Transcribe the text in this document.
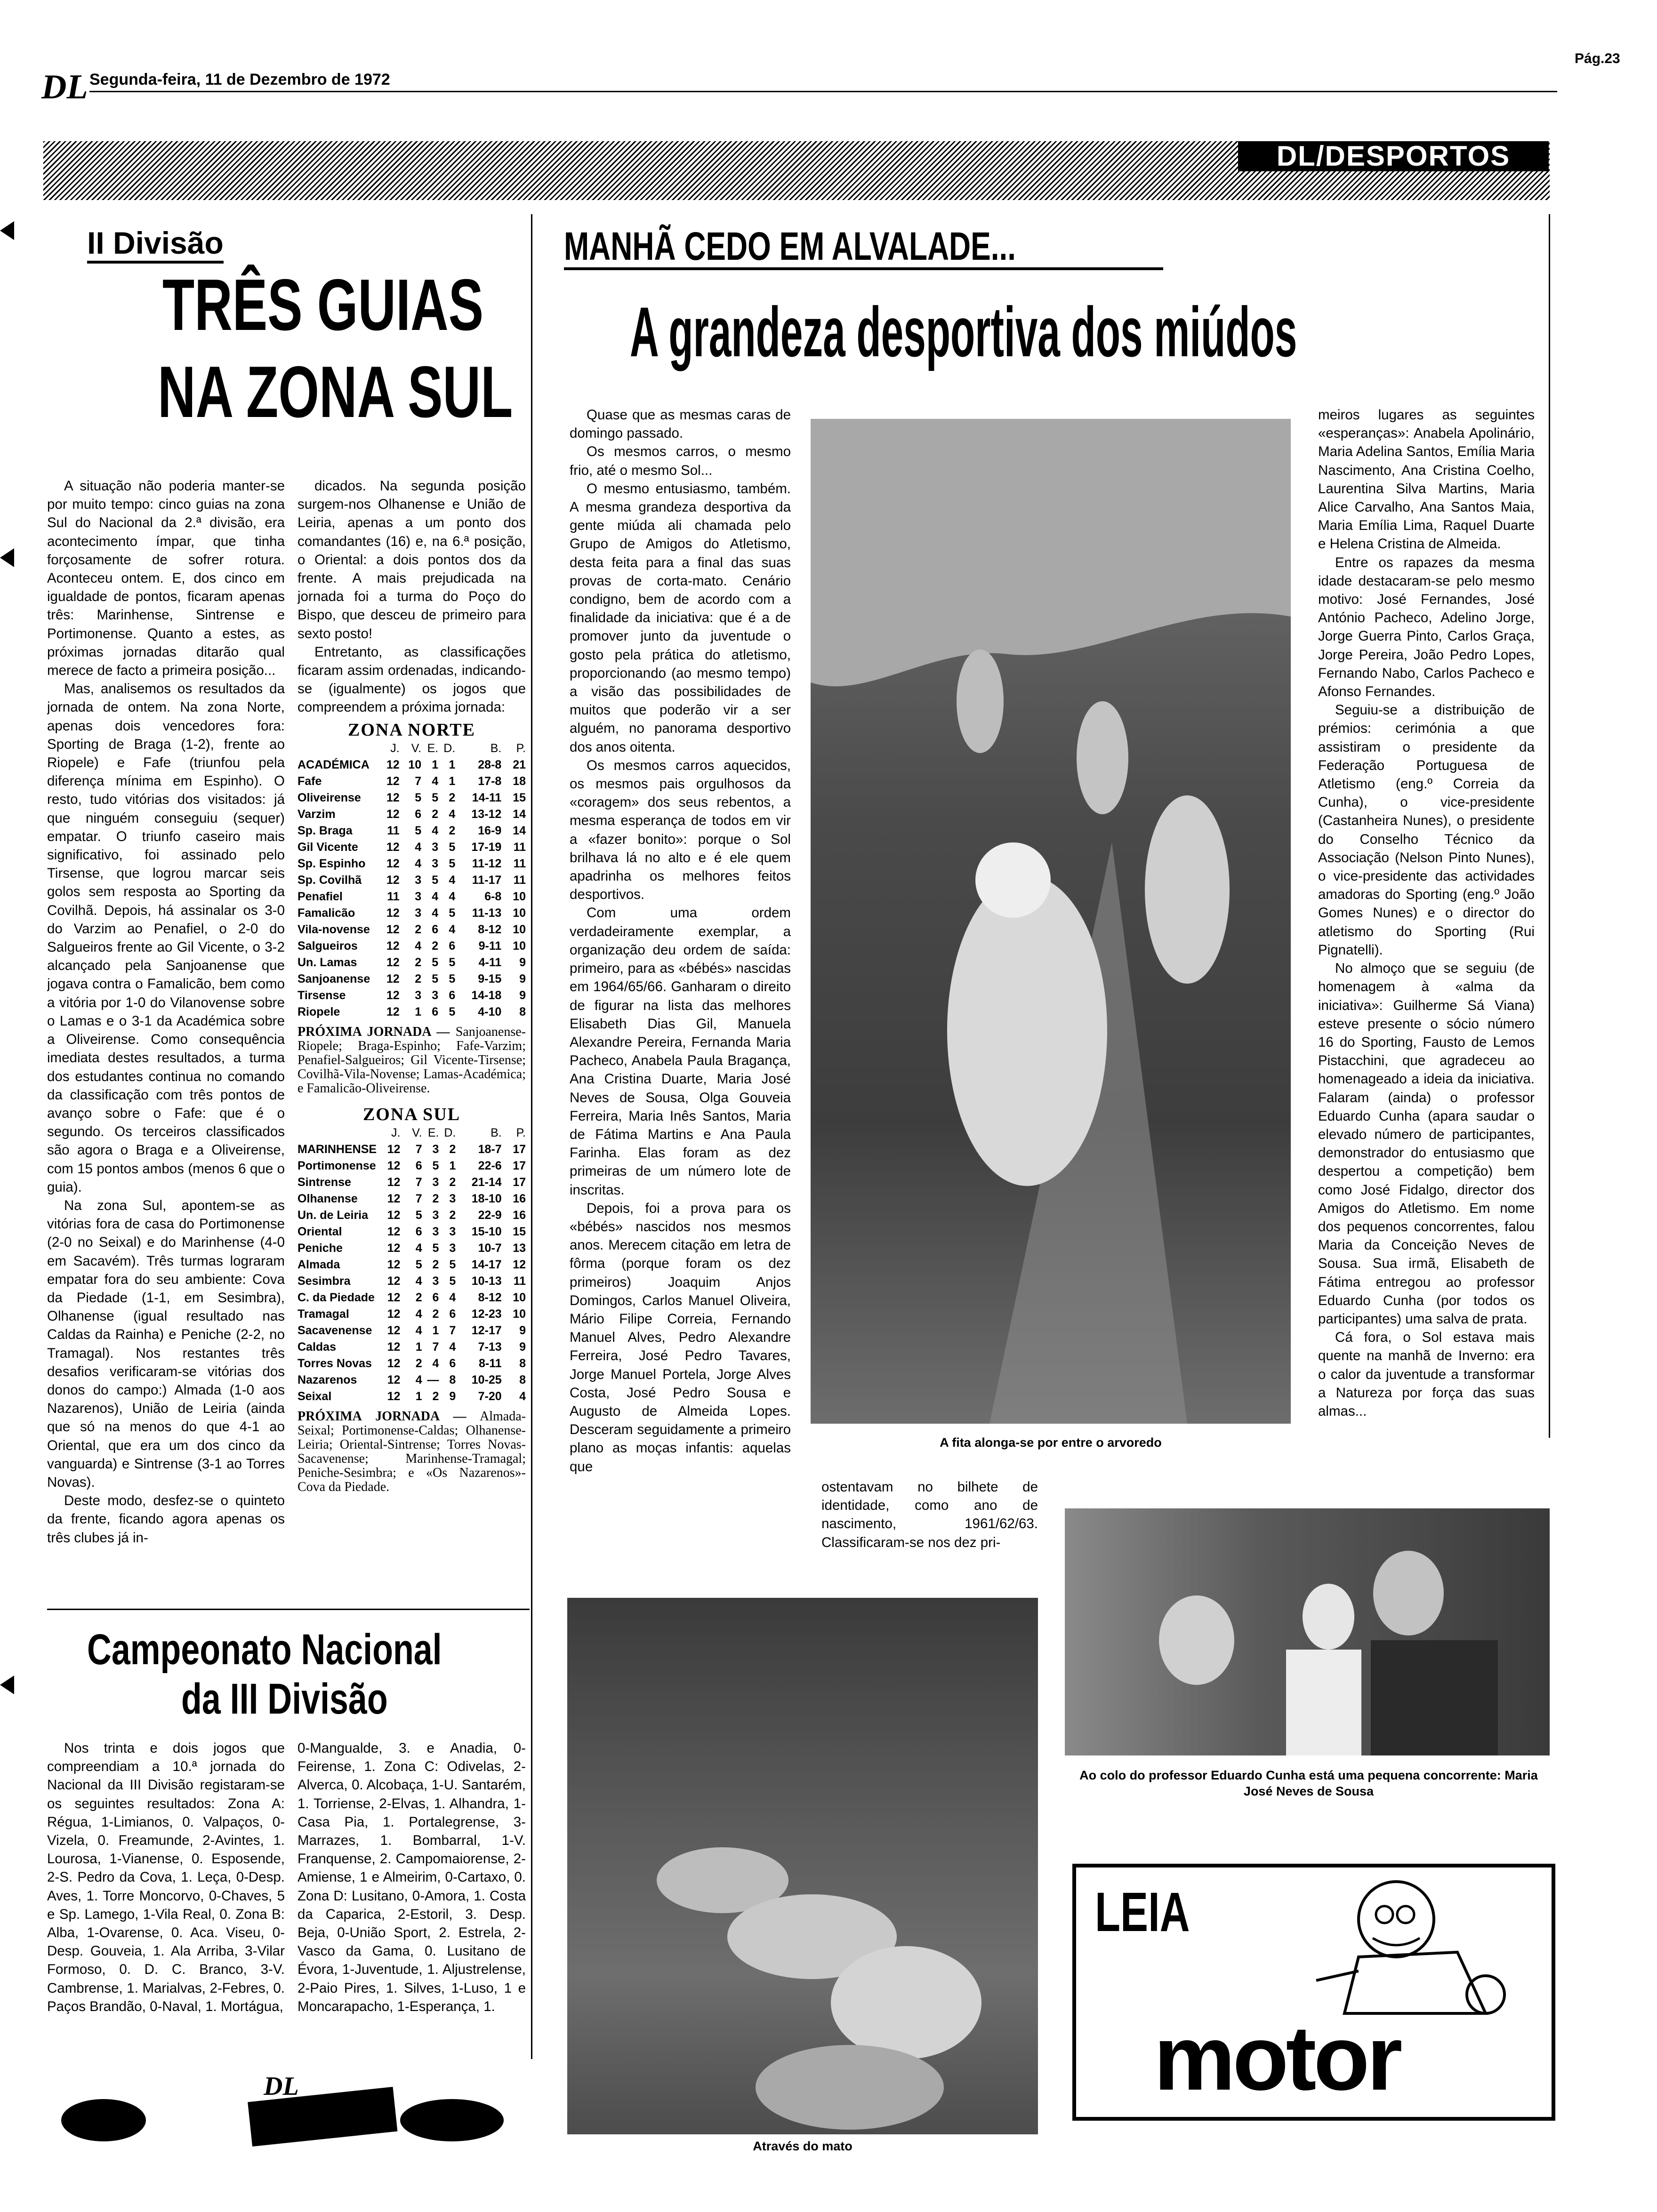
DL Segunda-feira, 11 de Dezembro de 1972
Pág.23
DL/DESPORTOS
II Divisão
TRÊS GUIAS
NA ZONA SUL

A situação não poderia manter-se por muito tempo: cinco guias na zona Sul do Nacional da 2.ª divisão, era acontecimento ímpar, que tinha forçosamente de sofrer rotura. Aconteceu ontem. E, dos cinco em igualdade de pontos, ficaram apenas três: Marinhense, Sintrense e Portimonense. Quanto a estes, as próximas jornadas ditarão qual merece de facto a primeira posição...

Mas, analisemos os resultados da jornada de ontem. Na zona Norte, apenas dois vencedores fora: Sporting de Braga (1-2), frente ao Riopele) e Fafe (triunfou pela diferença mínima em Espinho). O resto, tudo vitórias dos visitados: já que ninguém conseguiu (sequer) empatar. O triunfo caseiro mais significativo, foi assinado pelo Tirsense, que logrou marcar seis golos sem resposta ao Sporting da Covilhã. Depois, há assinalar os 3-0 do Varzim ao Penafiel, o 2-0 do Salgueiros frente ao Gil Vicente, o 3-2 alcançado pela Sanjoanense que jogava contra o Famalicão, bem como a vitória por 1-0 do Vilanovense sobre o Lamas e o 3-1 da Académica sobre a Oliveirense. Como consequência imediata destes resultados, a turma dos estudantes continua no comando da classificação com três pontos de avanço sobre o Fafe: que é o segundo. Os terceiros classificados são agora o Braga e a Oliveirense, com 15 pontos ambos (menos 6 que o guia).

Na zona Sul, apontem-se as vitórias fora de casa do Portimonense (2-0 no Seixal) e do Marinhense (4-0 em Sacavém). Três turmas lograram empatar fora do seu ambiente: Cova da Piedade (1-1, em Sesimbra), Olhanense (igual resultado nas Caldas da Rainha) e Peniche (2-2, no Tramagal). Nos restantes três desafios verificaram-se vitórias dos donos do campo:) Almada (1-0 aos Nazarenos), União de Leiria (ainda que só na menos do que 4-1 ao Oriental, que era um dos cinco da vanguarda) e Sintrense (3-1 ao Torres Novas).

Deste modo, desfez-se o quinteto da frente, ficando agora apenas os três clubes já in-

dicados. Na segunda posição surgem-nos Olhanense e União de Leiria, apenas a um ponto dos comandantes (16) e, na 6.ª posição, o Oriental: a dois pontos dos da frente. A mais prejudicada na jornada foi a turma do Poço do Bispo, que desceu de primeiro para sexto posto!

Entretanto, as classificações ficaram assim ordenadas, indicando-se (igualmente) os jogos que compreendem a próxima jornada:

ZONA NORTE
	J.	V.	E.	D.	B.	P.
ACADÉMICA	12	10	1	1	28-8	21
Fafe	12	7	4	1	17-8	18
Oliveirense	12	5	5	2	14-11	15
Varzim	12	6	2	4	13-12	14
Sp. Braga	11	5	4	2	16-9	14
Gil Vicente	12	4	3	5	17-19	11
Sp. Espinho	12	4	3	5	11-12	11
Sp. Covilhã	12	3	5	4	11-17	11
Penafiel	11	3	4	4	6-8	10
Famalicão	12	3	4	5	11-13	10
Vila-novense	12	2	6	4	8-12	10
Salgueiros	12	4	2	6	9-11	10
Un. Lamas	12	2	5	5	4-11	9
Sanjoanense	12	2	5	5	9-15	9
Tirsense	12	3	3	6	14-18	9
Riopele	12	1	6	5	4-10	8
PRÓXIMA JORNADA — Sanjoanense-Riopele; Braga-Espinho; Fafe-Varzim; Penafiel-Salgueiros; Gil Vicente-Tirsense; Covilhã-Vila-Novense; Lamas-Académica; e Famalicão-Oliveirense.
ZONA SUL
	J.	V.	E.	D.	B.	P.
MARINHENSE	12	7	3	2	18-7	17
Portimonense	12	6	5	1	22-6	17
Sintrense	12	7	3	2	21-14	17
Olhanense	12	7	2	3	18-10	16
Un. de Leiria	12	5	3	2	22-9	16
Oriental	12	6	3	3	15-10	15
Peniche	12	4	5	3	10-7	13
Almada	12	5	2	5	14-17	12
Sesimbra	12	4	3	5	10-13	11
C. da Piedade	12	2	6	4	8-12	10
Tramagal	12	4	2	6	12-23	10
Sacavenense	12	4	1	7	12-17	9
Caldas	12	1	7	4	7-13	9
Torres Novas	12	2	4	6	8-11	8
Nazarenos	12	4	—	8	10-25	8
Seixal	12	1	2	9	7-20	4
PRÓXIMA JORNADA — Almada-Seixal; Portimonense-Caldas; Olhanense-Leiria; Oriental-Sintrense; Torres Novas-Sacavenense; Marinhense-Tramagal; Peniche-Sesimbra; e «Os Nazarenos»-Cova da Piedade.
Campeonato Nacional
da III Divisão

Nos trinta e dois jogos que compreendiam a 10.ª jornada do Nacional da III Divisão registaram-se os seguintes resultados: Zona A: Régua, 1-Limianos, 0. Valpaços, 0-Vizela, 0. Freamunde, 2-Avintes, 1. Lourosa, 1-Vianense, 0. Esposende, 2-S. Pedro da Cova, 1. Leça, 0-Desp. Aves, 1. Torre Moncorvo, 0-Chaves, 5 e Sp. Lamego, 1-Vila Real, 0. Zona B: Alba, 1-Ovarense, 0. Aca. Viseu, 0-Desp. Gouveia, 1. Ala Arriba, 3-Vilar Formoso, 0. D. C. Branco, 3-V. Cambrense, 1. Marialvas, 2-Febres, 0. Paços Brandão, 0-Naval, 1. Mortágua,

0-Mangualde, 3. e Anadia, 0-Feirense, 1. Zona C: Odivelas, 2-Alverca, 0. Alcobaça, 1-U. Santarém, 1. Torriense, 2-Elvas, 1. Alhandra, 1-Casa Pia, 1. Portalegrense, 3-Marrazes, 1. Bombarral, 1-V. Franquense, 2. Campomaiorense, 2-Amiense, 1 e Almeirim, 0-Cartaxo, 0. Zona D: Lusitano, 0-Amora, 1. Costa da Caparica, 2-Estoril, 3. Desp. Beja, 0-União Sport, 2. Estrela, 2-Vasco da Gama, 0. Lusitano de Évora, 1-Juventude, 1. Aljustrelense, 2-Paio Pires, 1. Silves, 1-Luso, 1 e Moncarapacho, 1-Esperança, 1.

DL
MANHÃ CEDO EM ALVALADE...
A grandeza desportiva dos miúdos

Quase que as mesmas caras de domingo passado.

Os mesmos carros, o mesmo frio, até o mesmo Sol...

O mesmo entusiasmo, também. A mesma grandeza desportiva da gente miúda ali chamada pelo Grupo de Amigos do Atletismo, desta feita para a final das suas provas de corta-mato. Cenário condigno, bem de acordo com a finalidade da iniciativa: que é a de promover junto da juventude o gosto pela prática do atletismo, proporcionando (ao mesmo tempo) a visão das possibilidades de muitos que poderão vir a ser alguém, no panorama desportivo dos anos oitenta.

Os mesmos carros aquecidos, os mesmos pais orgulhosos da «coragem» dos seus rebentos, a mesma esperança de todos em vir a «fazer bonito»: porque o Sol brilhava lá no alto e é ele quem apadrinha os melhores feitos desportivos.

Com uma ordem verdadeiramente exemplar, a organização deu ordem de saída: primeiro, para as «bébés» nascidas em 1964/65/66. Ganharam o direito de figurar na lista das melhores Elisabeth Dias Gil, Manuela Alexandre Pereira, Fernanda Maria Pacheco, Anabela Paula Bragança, Ana Cristina Duarte, Maria José Neves de Sousa, Olga Gouveia Ferreira, Maria Inês Santos, Maria de Fátima Martins e Ana Paula Farinha. Elas foram as dez primeiras de um número lote de inscritas.

Depois, foi a prova para os «bébés» nascidos nos mesmos anos. Merecem citação em letra de fôrma (porque foram os dez primeiros) Joaquim Anjos Domingos, Carlos Manuel Oliveira, Mário Filipe Correia, Fernando Manuel Alves, Pedro Alexandre Ferreira, José Pedro Tavares, Jorge Manuel Portela, Jorge Alves Costa, José Pedro Sousa e Augusto de Almeida Lopes. Desceram seguidamente a primeiro plano as moças infantis: aquelas que

A fita alonga-se por entre o arvoredo

ostentavam no bilhete de identidade, como ano de nascimento, 1961/62/63. Classificaram-se nos dez pri-

meiros lugares as seguintes «esperanças»: Anabela Apolinário, Maria Adelina Santos, Emília Maria Nascimento, Ana Cristina Coelho, Laurentina Silva Martins, Maria Alice Carvalho, Ana Santos Maia, Maria Emília Lima, Raquel Duarte e Helena Cristina de Almeida.

Entre os rapazes da mesma idade destacaram-se pelo mesmo motivo: José Fernandes, José António Pacheco, Adelino Jorge, Jorge Guerra Pinto, Carlos Graça, Jorge Pereira, João Pedro Lopes, Fernando Nabo, Carlos Pacheco e Afonso Fernandes.

Seguiu-se a distribuição de prémios: cerimónia a que assistiram o presidente da Federação Portuguesa de Atletismo (eng.º Correia da Cunha), o vice-presidente (Castanheira Nunes), o presidente do Conselho Técnico da Associação (Nelson Pinto Nunes), o vice-presidente das actividades amadoras do Sporting (eng.º João Gomes Nunes) e o director do atletismo do Sporting (Rui Pignatelli).

No almoço que se seguiu (de homenagem à «alma da iniciativa»: Guilherme Sá Viana) esteve presente o sócio número 16 do Sporting, Fausto de Lemos Pistacchini, que agradeceu ao homenageado a ideia da iniciativa. Falaram (ainda) o professor Eduardo Cunha (apara saudar o elevado número de participantes, demonstrador do entusiasmo que despertou a competição) bem como José Fidalgo, director dos Amigos do Atletismo. Em nome dos pequenos concorrentes, falou Maria da Conceição Neves de Sousa. Sua irmã, Elisabeth de Fátima entregou ao professor Eduardo Cunha (por todos os participantes) uma salva de prata.

Cá fora, o Sol estava mais quente na manhã de Inverno: era o calor da juventude a transformar a Natureza por força das suas almas...

Através do mato
Ao colo do professor Eduardo Cunha está uma pequena concorrente: Maria José Neves de Sousa
LEIA
motor
